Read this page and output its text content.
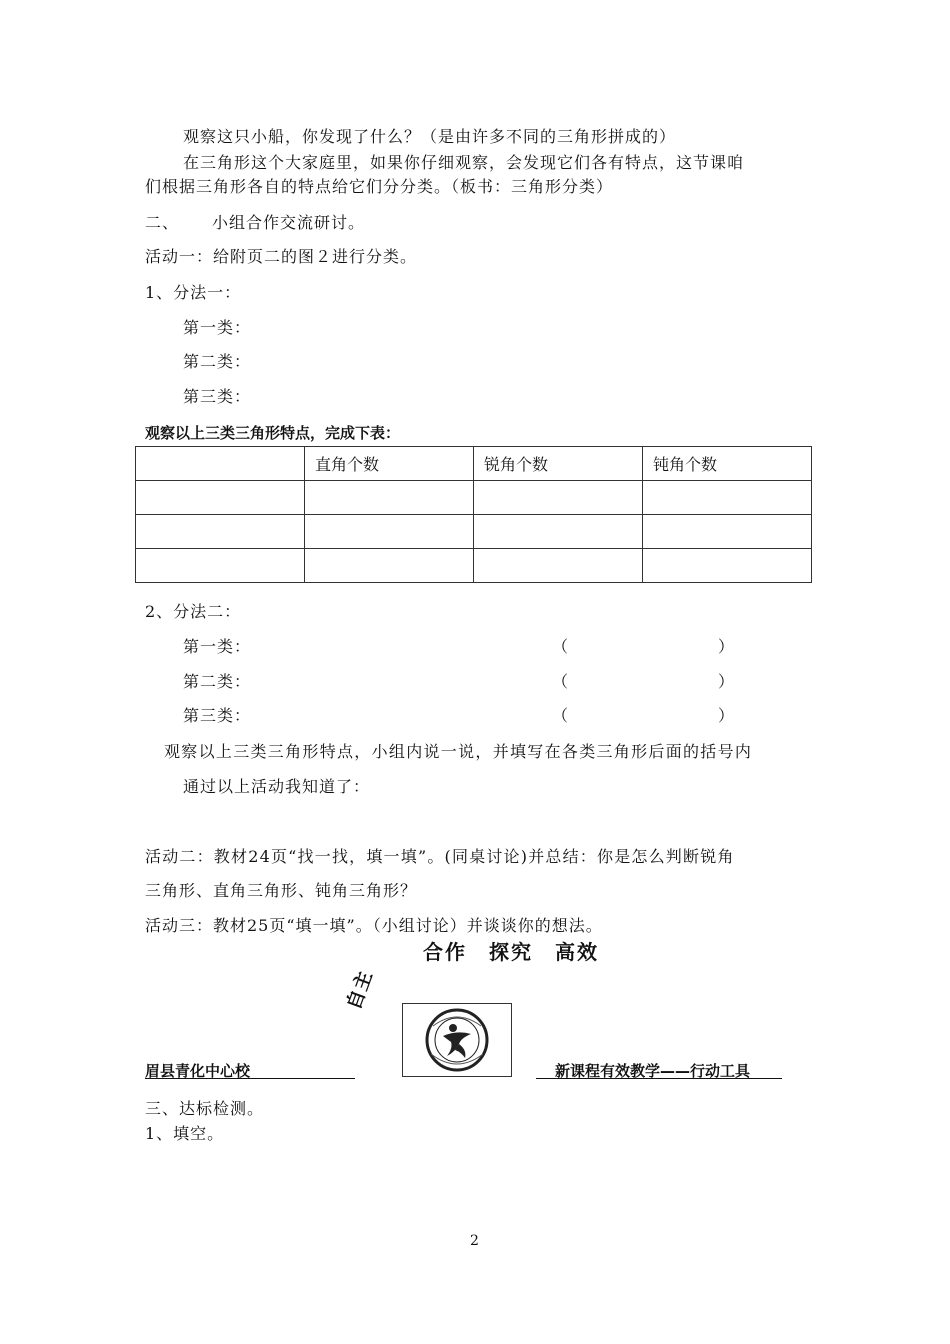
观察这只小船，你发现了什么？（是由许多不同的三角形拼成的）
在三角形这个大家庭里，如果你仔细观察，会发现它们各有特点，这节课咱
们根据三角形各自的特点给它们分分类。（板书：三角形分类）
二、 小组合作交流研讨。
活动一：给附页二的图２进行分类。
1、分法一：
第一类：
第二类：
第三类：
观察以上三类三角形特点，完成下表：
	直角个数	锐角个数	钝角个数

2、分法二：
第一类：	（	）
第二类：	（	）
第三类：	（	）
观察以上三类三角形特点，小组内说一说，并填写在各类三角形后面的括号内
通过以上活动我知道了：
活动二：教材24页“找一找，填一填”。(同桌讨论)并总结：你是怎么判断锐角
三角形、直角三角形、钝角三角形？
活动三：教材25页“填一填”。（小组讨论）并谈谈你的想法。
合作　探究　高效
自主
眉县青化中心校	新课程有效教学——行动工具
三、达标检测。
1、填空。
2
